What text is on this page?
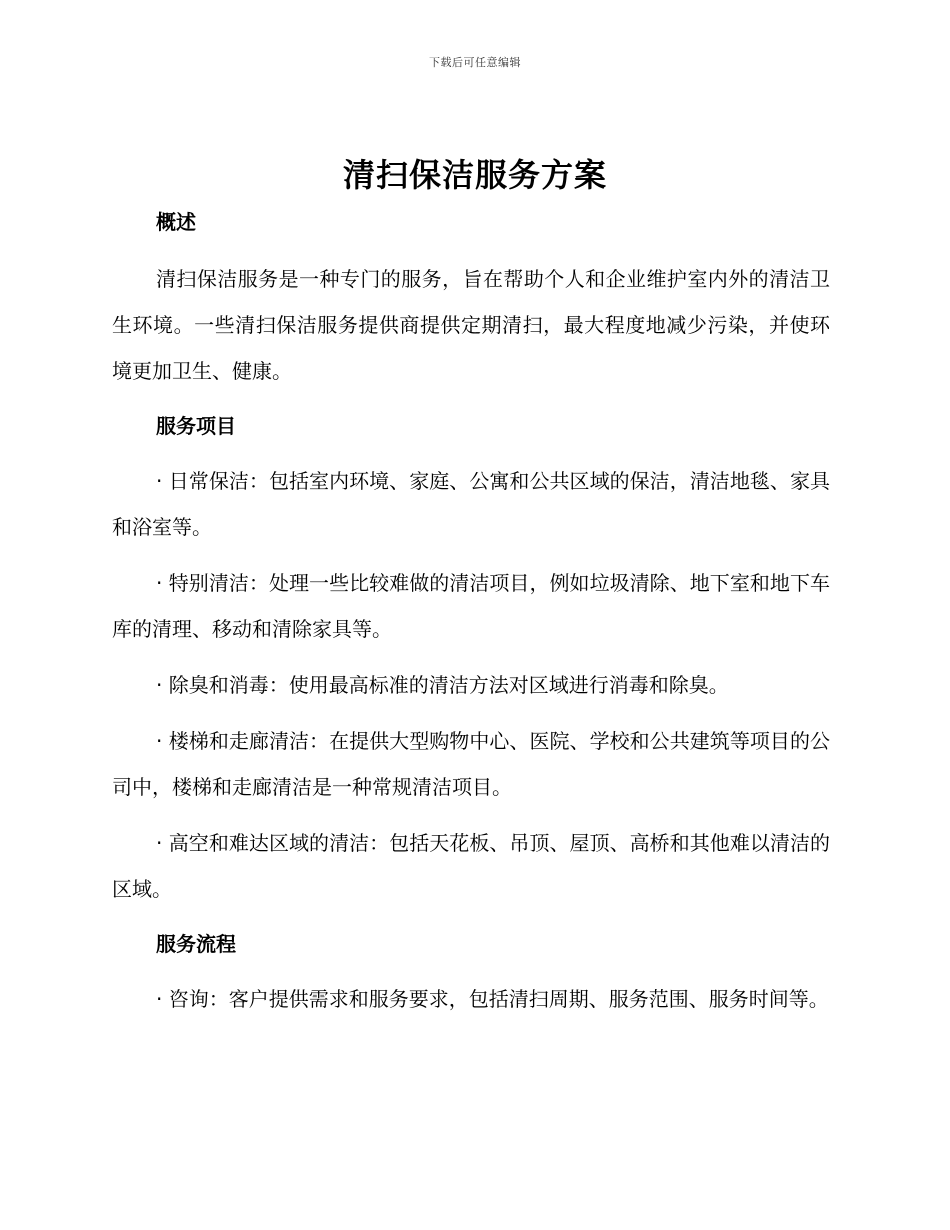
下载后可任意编辑
清扫保洁服务方案

概述

清扫保洁服务是一种专门的服务，旨在帮助个人和企业维护室内外的清洁卫生环境。一些清扫保洁服务提供商提供定期清扫，最大程度地减少污染，并使环境更加卫生、健康。

服务项目

· 日常保洁：包括室内环境、家庭、公寓和公共区域的保洁，清洁地毯、家具和浴室等。

· 特别清洁：处理一些比较难做的清洁项目，例如垃圾清除、地下室和地下车库的清理、移动和清除家具等。

· 除臭和消毒：使用最高标准的清洁方法对区域进行消毒和除臭。

· 楼梯和走廊清洁：在提供大型购物中心、医院、学校和公共建筑等项目的公司中，楼梯和走廊清洁是一种常规清洁项目。

· 高空和难达区域的清洁：包括天花板、吊顶、屋顶、高桥和其他难以清洁的区域。

服务流程

· 咨询：客户提供需求和服务要求，包括清扫周期、服务范围、服务时间等。
